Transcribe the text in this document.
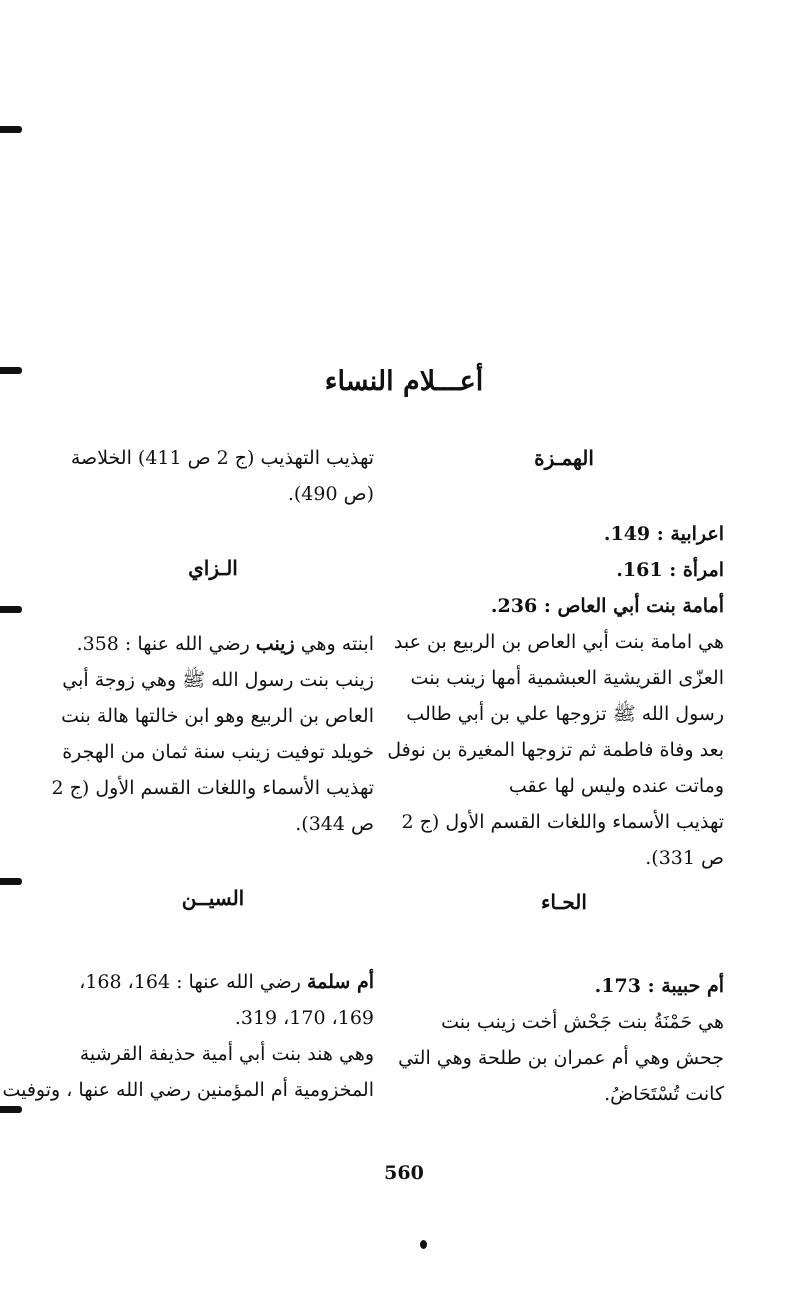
أعـــلام النساء
الهمـزة
اعرابية : 149.
امرأة : 161.
أمامة بنت أبي العاص : 236.
هي امامة بنت أبي العاص بن الربيع بن عبد
العزّى القريشية العبشمية أمها زينب بنت
رسول الله ﷺ تزوجها علي بن أبي طالب
بعد وفاة فاطمة ثم تزوجها المغيرة بن نوفل
وماتت عنده وليس لها عقب
تهذيب الأسماء واللغات القسم الأول (ج 2
ص 331).
تهذيب التهذيب (ج 2 ص 411) الخلاصة
(ص 490).
الـزاي
ابنته وهي زينب رضي الله عنها : 358.
زينب بنت رسول الله ﷺ وهي زوجة أبي
العاص بن الربيع وهو ابن خالتها هالة بنت
خويلد توفيت زينب سنة ثمان من الهجرة
تهذيب الأسماء واللغات القسم الأول (ج 2
ص 344).
الحـاء
أم حبيبة : 173.
هي حَمْنَةُ بنت جَحْش أخت زينب بنت
جحش وهي أم عمران بن طلحة وهي التي
كانت تُسْتَحَاضُ.
السيــن
أم سلمة رضي الله عنها : 164، 168،
169، 170، 319.
وهي هند بنت أبي أمية حذيفة القرشية
المخزومية أم المؤمنين رضي الله عنها ، وتوفيت
560
